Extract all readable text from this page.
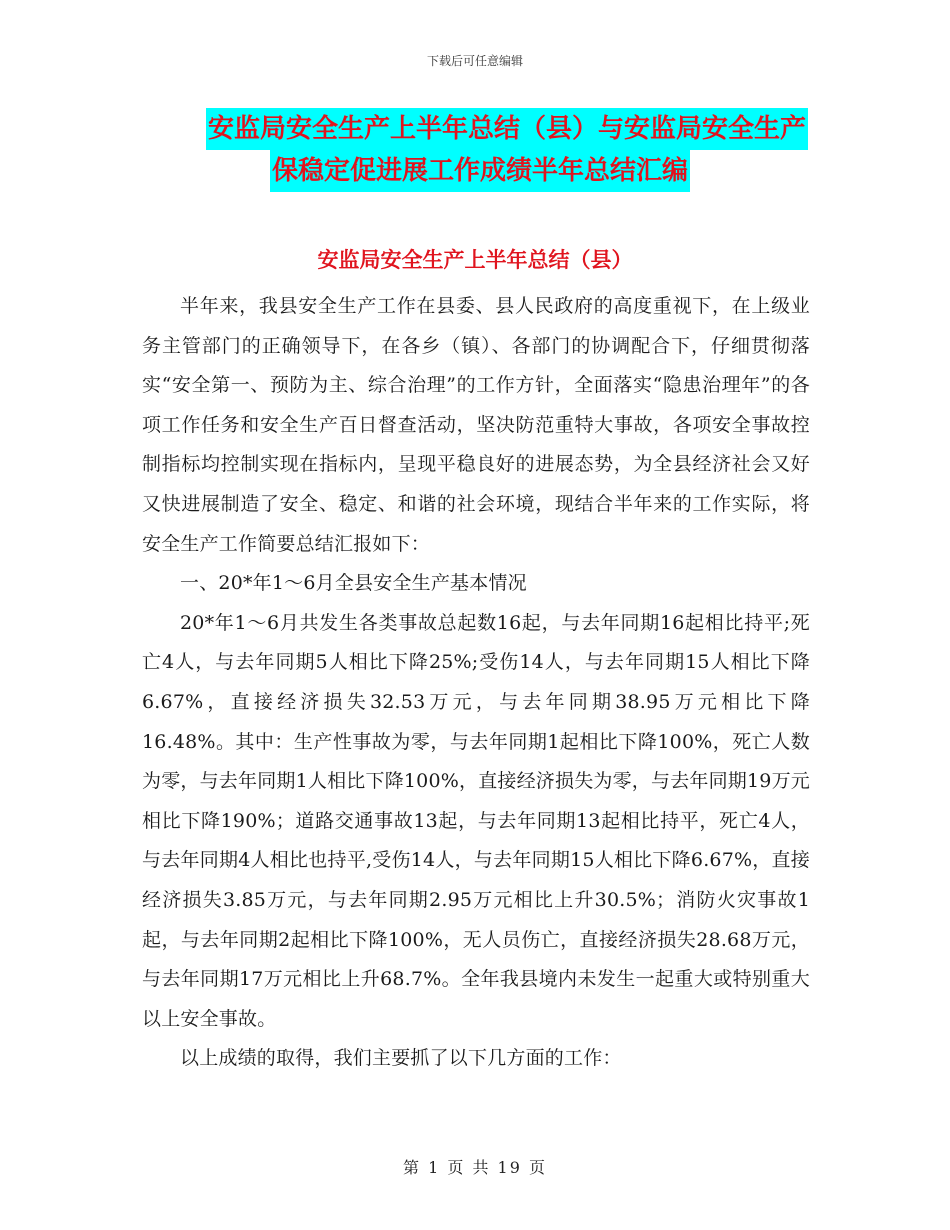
下载后可任意编辑
安监局安全生产上半年总结（县）与安监局安全生产
保稳定促进展工作成绩半年总结汇编
安监局安全生产上半年总结（县）

半年来，我县安全生产工作在县委、县人民政府的高度重视下，在上级业务主管部门的正确领导下，在各乡（镇）、各部门的协调配合下，仔细贯彻落实“安全第一、预防为主、综合治理”的工作方针，全面落实“隐患治理年”的各项工作任务和安全生产百日督查活动，坚决防范重特大事故，各项安全事故控制指标均控制实现在指标内，呈现平稳良好的进展态势，为全县经济社会又好又快进展制造了安全、稳定、和谐的社会环境，现结合半年来的工作实际，将安全生产工作简要总结汇报如下：

一、20*年1～6月全县安全生产基本情况

20*年1～6月共发生各类事故总起数16起，与去年同期16起相比持平;死亡4人，与去年同期5人相比下降25%;受伤14人，与去年同期15人相比下降6.67%，直接经济损失32.53万元，与去年同期38.95万元相比下降16.48%。其中：生产性事故为零，与去年同期1起相比下降100%，死亡人数为零，与去年同期1人相比下降100%，直接经济损失为零，与去年同期19万元相比下降190%；道路交通事故13起，与去年同期13起相比持平，死亡4人，与去年同期4人相比也持平,受伤14人，与去年同期15人相比下降6.67%，直接经济损失3.85万元，与去年同期2.95万元相比上升30.5%；消防火灾事故1起，与去年同期2起相比下降100%，无人员伤亡，直接经济损失28.68万元，与去年同期17万元相比上升68.7%。全年我县境内未发生一起重大或特别重大以上安全事故。

以上成绩的取得，我们主要抓了以下几方面的工作：

第 1 页 共 19 页
